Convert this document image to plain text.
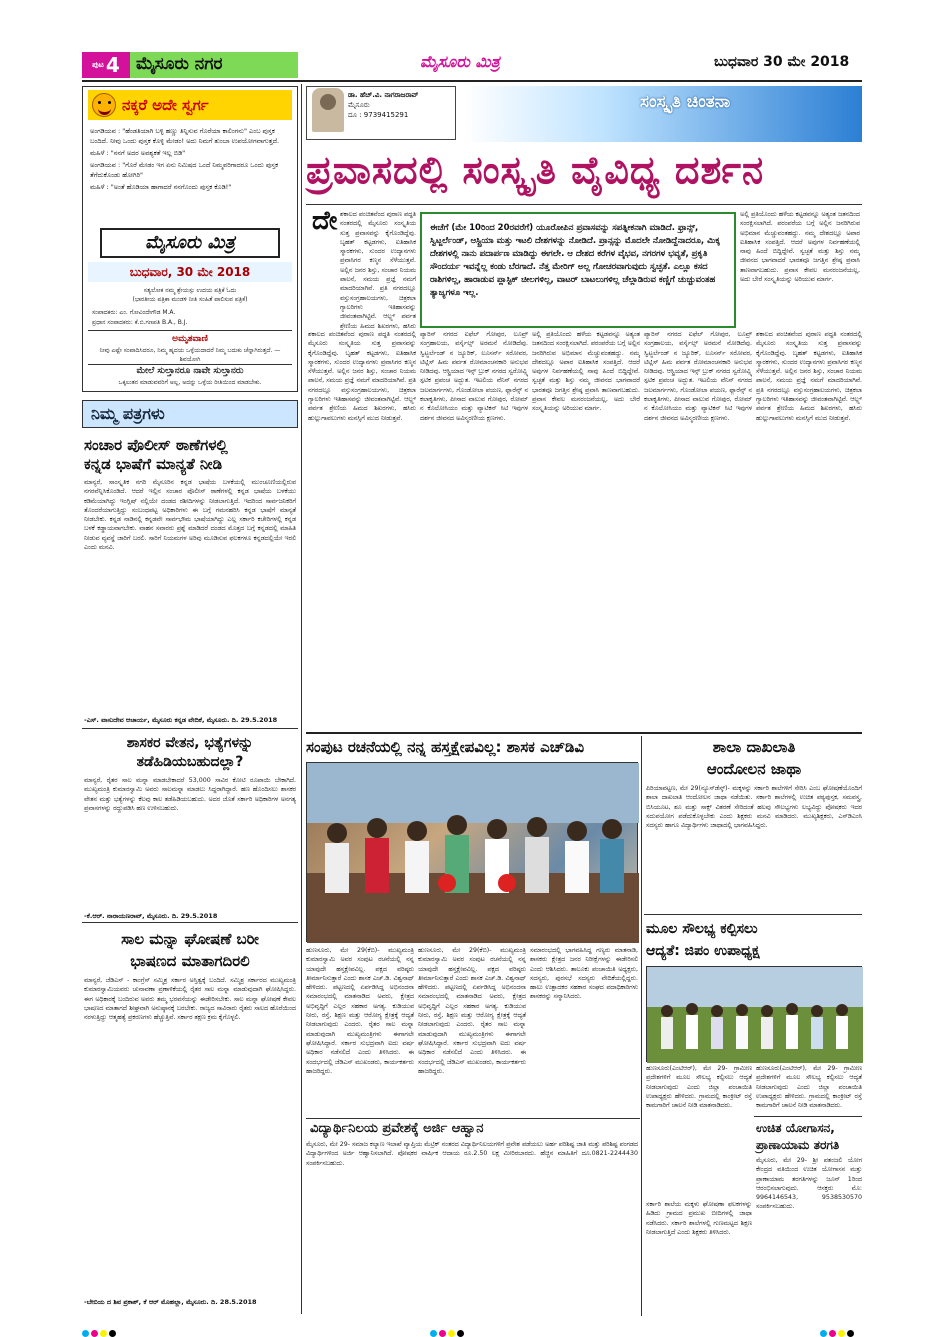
$^{ಪುಟ}$ 4 ಮೈಸೂರು ನಗರ	ಮೈಸೂರು ಮಿತ್ರ	ಬುಧವಾರ 30 ಮೇ 2018
ನಕ್ಕರೆ ಅದೇ ಸ್ವರ್ಗ
ಅಂಗಡಿಯವ : "ಹೆಂಡತಿಯಾಗಿ ಬಳ್ಳಿ ಹಣ್ಣು ತಿನ್ನಿಸುವ ಗೊರೆಯಾ ಕಾಲಿಂಗನು" ಎಂಬ ಪುಸ್ತಕ ಬಂದಿದೆ. ನೀವು ಒಂದು ಪುಸ್ತಕ ಕೊಳ್ಳಿ ಮೇಡಂ! ಅದು ನಿಮಗೆ ತುಂಬಾ ಉಪಯೋಗವಾಗುತ್ತದೆ.
ಮಹಿಳೆ : "ನನಗೆ ಅದರ ಅವಶ್ಯಕತೆ ಇಲ್ಲ ಬಿಡಿ"
ಅಂಗಡಿಯವ : "ಗೊರೆ ಮೇಡಂ ಇಗ ಏನು ನಿಮಿಷದ ಒಂದೆ ನಿಮ್ಮವರಿಗಾದರೂ ಒಂದು ಪುಸ್ತಕ ತೆಗೆದುಕೊಂಡು ಹೋಗಿರಿ"
ಮಹಿಳೆ : "ಅಂತೆ ಹೊಡಿಯಾ ಹಾಗಾದರೆ ನನಗೊಂದು ಪುಸ್ತಕ ಕೊಡಿ!"
ಮೈಸೂರು ಮಿತ್ರ
ಬುಧವಾರ, 30 ಮೇ 2018
ಸತ್ಯಲೋಕ ನಮ್ಮ ಶ್ರೇಯಸ್ಸು ಉದಯ ಪತ್ರಿಕೆ ಓದು
(ಭಾರತೀಯ ಪತ್ರಿಕಾ ಮಂಡಳಿ ನೀತಿ ಸಂಹಿತೆ ಪಾಲಿಸುವ ಪತ್ರಿಕೆ)
ಸಂಪಾದಕರು: ಎಂ. ಗೋವಿಂದೇಗೌಡ M.A.
ಪ್ರಧಾನ ಸಂಪಾದಕರು: ಕೆ.ಬಿ.ಗಣಪತಿ B.A., B.J.
ಅಮೃತವಾಣಿ
ನೀವು ಎಷ್ಟೇ ಸಂಪಾದಿಸಿದರೂ, ನಿಮ್ಮ ಹೃದಯ ಒಳ್ಳೆಯದಾದರೆ ನಿಮ್ಮ ಬದುಕು ಚೆನ್ನಾಗಿರುತ್ತದೆ. — ಶಿವಯೋಗಿ
ಮೇಲೆ ಸುಲ್ತಾನರೂ ನಾವೇ ಸುಲ್ತಾನರು
ಒಕ್ಕಲುತನ ಮಾಡುವವರಿಗೆ ಅಲ್ಲ, ಅದನ್ನು ಒಳ್ಳೆಯ ರೀತಿಯಿಂದ ಮಾಡಬೇಕು.
ನಿಮ್ಮ ಪತ್ರಗಳು
ಸಂಚಾರ ಪೊಲೀಸ್ ಠಾಣೆಗಳಲ್ಲಿ
ಕನ್ನಡ ಭಾಷೆಗೆ ಮಾನ್ಯತೆ ನೀಡಿ
ಮಾನ್ಯರೆ, ಸಾಂಸ್ಕೃತಿಕ ನಗರಿ ಮೈಸೂರಿನ ಕನ್ನಡ ಭಾಷೆಯ ಬಳಕೆಯಲ್ಲಿ ಮುಂಚೂಣಿಯಲ್ಲಿರುವ ನಗರವೆನ್ನಿಸಿಕೊಂಡಿದೆ. ಆದರೆ ಇಲ್ಲಿನ ಸಂಚಾರ ಪೊಲೀಸ್ ಠಾಣೆಗಳಲ್ಲಿ ಕನ್ನಡ ಭಾಷೆಯ ಬಳಕೆಯು ಕಡಿಮೆಯಾಗಿದ್ದು ಇಂಗ್ಲಿಷ್ ನಲ್ಲಿಯೇ ದಂಡದ ರಶೀದಿಗಳನ್ನು ನೀಡಲಾಗುತ್ತಿದೆ. ಇದರಿಂದ ಸಾರ್ವಜನಿಕರಿಗೆ ತೊಂದರೆಯಾಗುತ್ತಿದ್ದು ಸಂಬಂಧಪಟ್ಟ ಅಧಿಕಾರಿಗಳು ಈ ಬಗ್ಗೆ ಗಮನಹರಿಸಿ ಕನ್ನಡ ಭಾಷೆಗೆ ಮಾನ್ಯತೆ ನೀಡಬೇಕು. ಕನ್ನಡ ನಾಡಿನಲ್ಲಿ ಕನ್ನಡವೇ ಸಾರ್ವಭೌಮ ಭಾಷೆಯಾಗಿದ್ದು ಎಲ್ಲ ಸರ್ಕಾರಿ ಕಚೇರಿಗಳಲ್ಲಿ ಕನ್ನಡ ಬಳಕೆ ಕಡ್ಡಾಯವಾಗಬೇಕು. ವಾಹನ ಸವಾರರು ಪ್ರಶ್ನೆ ಮಾಡಿದರೆ ದಂಡದ ಮೊತ್ತದ ಬಗ್ಗೆ ಕನ್ನಡದಲ್ಲಿ ಮಾಹಿತಿ ನೀಡುವ ವ್ಯವಸ್ಥೆ ಜಾರಿಗೆ ಬರಲಿ. ಸಾರಿಗೆ ನಿಯಮಗಳ ಅರಿವು ಮೂಡಿಸುವ ಫಲಕಗಳೂ ಕನ್ನಡದಲ್ಲಿಯೇ ಇರಲಿ ಎಂದು ಮನವಿ.
-ಎಸ್. ವಾಸುದೇವ ಆಚಾರ್ಯ, ಮೈಸೂರು ಕನ್ನಡ ವೇದಿಕೆ, ಮೈಸೂರು. ದಿ. 29.5.2018
ಶಾಸಕರ ವೇತನ, ಭತ್ಯೆಗಳನ್ನು
ತಡೆಹಿಡಿಯಬಹುದಲ್ಲಾ?
ಮಾನ್ಯರೆ, ರೈತರ ಸಾಲ ಮನ್ನಾ ಮಾಡಬೇಕಾದರೆ 53,000 ಸಾವಿರ ಕೋಟಿ ರೂಪಾಯಿ ಬೇಕಾಗಿದೆ. ಮುಖ್ಯಮಂತ್ರಿ ಕುಮಾರಸ್ವಾಮಿ ಅವರು ಸಾಲಮನ್ನಾ ಮಾಡಲು ಸಿದ್ಧರಾಗಿದ್ದಾರೆ. ಹಣ ಹೊಂದಿಸಲು ಶಾಸಕರ ವೇತನ ಮತ್ತು ಭತ್ಯೆಗಳನ್ನು ಕೆಲವು ಕಾಲ ತಡೆಹಿಡಿಯಬಹುದು. ಅದರ ಜೊತೆ ಸರ್ಕಾರಿ ಅಧಿಕಾರಿಗಳ ಅನಗತ್ಯ ಪ್ರವಾಸಗಳನ್ನು ರದ್ದುಪಡಿಸಿ ಹಣ ಉಳಿಸಬಹುದು.
-ಕೆ.ಆರ್. ನಾರಾಯಣರಾವ್, ಮೈಸೂರು. ದಿ. 29.5.2018
ಸಾಲ ಮನ್ನಾ ಘೋಷಣೆ ಬರೀ
ಭಾಷಣದ ಮಾತಾಗದಿರಲಿ
ಮಾನ್ಯರೆ, ಜೆಡಿಎಸ್ - ಕಾಂಗ್ರೆಸ್ ಸಮ್ಮಿಶ್ರ ಸರ್ಕಾರ ಅಸ್ತಿತ್ವಕ್ಕೆ ಬಂದಿದೆ. ಸಮ್ಮಿಶ್ರ ಸರ್ಕಾರದ ಮುಖ್ಯಮಂತ್ರಿ ಕುಮಾರಸ್ವಾಮಿಯವರು ಚುನಾವಣಾ ಪ್ರಣಾಳಿಕೆಯಲ್ಲಿ ರೈತರ ಸಾಲ ಮನ್ನಾ ಮಾಡುವುದಾಗಿ ಘೋಷಿಸಿದ್ದರು. ಈಗ ಅಧಿಕಾರಕ್ಕೆ ಬಂದಿರುವ ಅವರು ತಮ್ಮ ಭರವಸೆಯನ್ನು ಈಡೇರಿಸಬೇಕು. ಸಾಲ ಮನ್ನಾ ಘೋಷಣೆ ಕೇವಲ ಭಾಷಣದ ಮಾತಾಗದೆ ಶೀಘ್ರವಾಗಿ ಅನುಷ್ಠಾನಕ್ಕೆ ಬರಬೇಕು. ರಾಜ್ಯದ ಸಾವಿರಾರು ರೈತರು ಸಾಲದ ಹೊರೆಯಿಂದ ನರಳುತ್ತಿದ್ದು ಆತ್ಮಹತ್ಯೆ ಪ್ರಕರಣಗಳು ಹೆಚ್ಚುತ್ತಿವೆ. ಸರ್ಕಾರ ತಕ್ಷಣ ಕ್ರಮ ಕೈಗೊಳ್ಳಲಿ.
-ಬೇಬಿಯ ದ ಶಿವ ಪ್ರಕಾಶ್, ಕೆ ಆರ್ ಮೊಹಲ್ಲಾ, ಮೈಸೂರು. ದಿ. 28.5.2018
ಡಾ. ಹೆಚ್.ವಿ. ನಾಗರಾಜರಾವ್
ಮೈಸೂರು
ದೂ : 9739415291
ಸಂಸ್ಕೃತಿ ಚಿಂತನಾ
ಪ್ರವಾಸದಲ್ಲಿ ಸಂಸ್ಕೃತಿ ವೈವಿಧ್ಯ ದರ್ಶನ
ದೇ ಶಕಾಲದ ಪಂಚಿತವೆಂದ ಪುರಾಣ ಪದ್ಧತಿ ನಂತರದಲ್ಲಿ ಮೈಸೂರು ಸಂಸ್ಕೃತಿಯ ಸುತ್ತ ಪ್ರವಾಸವನ್ನು ಕೈಗೊಂಡಿದ್ದೆವು. ಬೃಹತ್ ಕಟ್ಟಡಗಳು, ಐತಿಹಾಸಿಕ ಸ್ಮಾರಕಗಳು, ಸುಂದರ ಉದ್ಯಾನಗಳು ಪ್ರವಾಸಿಗರ ಕಣ್ಮನ ಸೆಳೆಯುತ್ತವೆ. ಅಲ್ಲಿನ ಜನರ ಶಿಸ್ತು, ಸಂಚಾರ ನಿಯಮ ಪಾಲನೆ, ಸಮಯ ಪ್ರಜ್ಞೆ ನಮಗೆ ಮಾದರಿಯಾಗಿವೆ. ಪ್ರತಿ ನಗರದಲ್ಲೂ ವಸ್ತುಸಂಗ್ರಹಾಲಯಗಳು, ಚಿತ್ರಕಲಾ ಗ್ಯಾಲರಿಗಳು ಇತಿಹಾಸವನ್ನು ಜೀವಂತವಾಗಿಟ್ಟಿವೆ. ಆಲ್ಪ್ಸ್ ಪರ್ವತ ಶ್ರೇಣಿಯ ಹಿಮದ ಶಿಖರಗಳು, ಹಸಿರು
ಈಚೆಗೆ (ಮೇ 10ರಿಂದ 20ರವರೆಗೆ) ಯೂರೋಪಿನ ಪ್ರವಾಸವನ್ನು ಸಪತ್ನೀಕನಾಗಿ ಮಾಡಿದೆ. ಫ್ರಾನ್ಸ್, ಸ್ವಿಟ್ಜರ್ಲೆಂಡ್, ಆಸ್ಟ್ರಿಯಾ ಮತ್ತು ಇಟಲಿ ದೇಶಗಳನ್ನು ನೋಡಿದೆ. ಪ್ರಾನ್ಸನ್ನು ಮೊದಲೇ ನೋಡಿದ್ದೆನಾದರೂ, ಮಿಕ್ಕ ದೇಶಗಳಲ್ಲಿ ನಾನು ಪದಾರ್ಪಣ ಮಾಡಿದ್ದು ಈಗಲೇ. ಆ ದೇಶದ ಕರೆಗಳ ವೈಭವ, ನಗರಗಳ ಭವ್ಯತೆ, ಪ್ರಕೃತಿ ಸೌಂದರ್ಯ ಇವನ್ನೆಲ್ಲ ಕಂಡು ಬೆರಗಾದೆ. ನೆತ್ತ ಮೇರಿಗ್ ಅಲ್ಲ ಗೋಚರವಾಗುವುದು ಸ್ವಚ್ಛತೆ. ಎಲ್ಲೂ ಕಸದ ರಾಶಿಗಳಿಲ್ಲ, ಹಾರಾಡುವ ಪ್ಲಾಸ್ಟಿಕ್ ಚೀಲಗಳಿಲ್ಲ, ವಾಟರ್ ಬಾಟಲುಗಳಿಲ್ಲ ಚೆಲ್ಲಾಡಿರುವ ಕಣ್ಣಿಗೆ ಚುಚ್ಚುವಂತಹ ತ್ಯಾಜ್ಯಗಳೂ ಇಲ್ಲ.
ಅಲ್ಲಿ ಪ್ರತಿಯೊಂದು ಹಳೆಯ ಕಟ್ಟಡವನ್ನೂ ಅತ್ಯಂತ ಜತನದಿಂದ ಸಂರಕ್ಷಿಸಲಾಗಿದೆ. ಪರಂಪರೆಯ ಬಗ್ಗೆ ಅಲ್ಲಿನ ಜನರಿಗಿರುವ ಅಭಿಮಾನ ಮೆಚ್ಚುವಂತಹದ್ದು. ನಮ್ಮ ದೇಶದಲ್ಲೂ ಅಪಾರ ಐತಿಹಾಸಿಕ ಸಂಪತ್ತಿದೆ. ಆದರೆ ಅವುಗಳ ನಿರ್ವಹಣೆಯಲ್ಲಿ ನಾವು ಹಿಂದೆ ಬಿದ್ದಿದ್ದೇವೆ. ಸ್ವಚ್ಛತೆ ಮತ್ತು ಶಿಸ್ತು ನಮ್ಮ ಜೀವನದ ಭಾಗವಾದರೆ ಭಾರತವೂ ಜಗತ್ತಿನ ಶ್ರೇಷ್ಠ ಪ್ರವಾಸಿ ತಾಣವಾಗಬಹುದು. ಪ್ರವಾಸ ಕೇವಲ ಮನರಂಜನೆಯಲ್ಲ, ಅದು ಬೇರೆ ಸಂಸ್ಕೃತಿಯನ್ನು ಅರಿಯುವ ಮಾರ್ಗ.
ಶಕಾಲದ ಪಂಚಿತವೆಂದ ಪುರಾಣ ಪದ್ಧತಿ ನಂತರದಲ್ಲಿ ಮೈಸೂರು ಸಂಸ್ಕೃತಿಯ ಸುತ್ತ ಪ್ರವಾಸವನ್ನು ಕೈಗೊಂಡಿದ್ದೆವು. ಬೃಹತ್ ಕಟ್ಟಡಗಳು, ಐತಿಹಾಸಿಕ ಸ್ಮಾರಕಗಳು, ಸುಂದರ ಉದ್ಯಾನಗಳು ಪ್ರವಾಸಿಗರ ಕಣ್ಮನ ಸೆಳೆಯುತ್ತವೆ. ಅಲ್ಲಿನ ಜನರ ಶಿಸ್ತು, ಸಂಚಾರ ನಿಯಮ ಪಾಲನೆ, ಸಮಯ ಪ್ರಜ್ಞೆ ನಮಗೆ ಮಾದರಿಯಾಗಿವೆ. ಪ್ರತಿ ನಗರದಲ್ಲೂ ವಸ್ತುಸಂಗ್ರಹಾಲಯಗಳು, ಚಿತ್ರಕಲಾ ಗ್ಯಾಲರಿಗಳು ಇತಿಹಾಸವನ್ನು ಜೀವಂತವಾಗಿಟ್ಟಿವೆ. ಆಲ್ಪ್ಸ್ ಪರ್ವತ ಶ್ರೇಣಿಯ ಹಿಮದ ಶಿಖರಗಳು, ಹಸಿರು ಹುಲ್ಲುಗಾವಲುಗಳು ಮನಸ್ಸಿಗೆ ಮುದ ನೀಡುತ್ತವೆ.
ಪ್ಯಾರಿಸ್ ನಗರದ ಐಫೆಲ್ ಗೋಪುರ, ಲೂವ್ರ್ ಸಂಗ್ರಹಾಲಯ, ವರ್ಸೈಲ್ಸ್ ಅರಮನೆ ನೋಡಿದೆವು. ಸ್ವಿಟ್ಜರ್ಲೆಂಡ್ ನ ಜ್ಯೂರಿಕ್, ಲೂಸರ್ನ್ ಸರೋವರ, ಟಿಟ್ಲಿಸ್ ಹಿಮ ಪರ್ವತ ರೋಮಾಂಚನಕಾರಿ ಅನುಭವ ನೀಡಿದವು. ಆಸ್ಟ್ರಿಯಾದ ಇನ್ಸ್ ಬ್ರುಕ್ ನಗರದ ಸ್ವರೋವ್ಸ್ಕಿ ಸ್ಫಟಿಕ ಪ್ರಪಂಚ ಅದ್ಭುತ. ಇಟಲಿಯ ವೆನಿಸ್ ನಗರದ ಜಲಮಾರ್ಗಗಳು, ಗೊಂಡೋಲಾ ಪಯಣ, ಫ್ಲಾರೆನ್ಸ್ ನ ಕಲಾಕೃತಿಗಳು, ಪೀಸಾದ ವಾಲುವ ಗೋಪುರ, ರೋಮ್ ನ ಕೊಲೋಸಿಯಂ ಮತ್ತು ವ್ಯಾಟಿಕನ್ ಸಿಟಿ ಇವುಗಳ ದರ್ಶನ ಜೀವನದ ಅವಿಸ್ಮರಣೀಯ ಕ್ಷಣಗಳು.
ಅಲ್ಲಿ ಪ್ರತಿಯೊಂದು ಹಳೆಯ ಕಟ್ಟಡವನ್ನೂ ಅತ್ಯಂತ ಜತನದಿಂದ ಸಂರಕ್ಷಿಸಲಾಗಿದೆ. ಪರಂಪರೆಯ ಬಗ್ಗೆ ಅಲ್ಲಿನ ಜನರಿಗಿರುವ ಅಭಿಮಾನ ಮೆಚ್ಚುವಂತಹದ್ದು. ನಮ್ಮ ದೇಶದಲ್ಲೂ ಅಪಾರ ಐತಿಹಾಸಿಕ ಸಂಪತ್ತಿದೆ. ಆದರೆ ಅವುಗಳ ನಿರ್ವಹಣೆಯಲ್ಲಿ ನಾವು ಹಿಂದೆ ಬಿದ್ದಿದ್ದೇವೆ. ಸ್ವಚ್ಛತೆ ಮತ್ತು ಶಿಸ್ತು ನಮ್ಮ ಜೀವನದ ಭಾಗವಾದರೆ ಭಾರತವೂ ಜಗತ್ತಿನ ಶ್ರೇಷ್ಠ ಪ್ರವಾಸಿ ತಾಣವಾಗಬಹುದು. ಪ್ರವಾಸ ಕೇವಲ ಮನರಂಜನೆಯಲ್ಲ, ಅದು ಬೇರೆ ಸಂಸ್ಕೃತಿಯನ್ನು ಅರಿಯುವ ಮಾರ್ಗ.
ಪ್ಯಾರಿಸ್ ನಗರದ ಐಫೆಲ್ ಗೋಪುರ, ಲೂವ್ರ್ ಸಂಗ್ರಹಾಲಯ, ವರ್ಸೈಲ್ಸ್ ಅರಮನೆ ನೋಡಿದೆವು. ಸ್ವಿಟ್ಜರ್ಲೆಂಡ್ ನ ಜ್ಯೂರಿಕ್, ಲೂಸರ್ನ್ ಸರೋವರ, ಟಿಟ್ಲಿಸ್ ಹಿಮ ಪರ್ವತ ರೋಮಾಂಚನಕಾರಿ ಅನುಭವ ನೀಡಿದವು. ಆಸ್ಟ್ರಿಯಾದ ಇನ್ಸ್ ಬ್ರುಕ್ ನಗರದ ಸ್ವರೋವ್ಸ್ಕಿ ಸ್ಫಟಿಕ ಪ್ರಪಂಚ ಅದ್ಭುತ. ಇಟಲಿಯ ವೆನಿಸ್ ನಗರದ ಜಲಮಾರ್ಗಗಳು, ಗೊಂಡೋಲಾ ಪಯಣ, ಫ್ಲಾರೆನ್ಸ್ ನ ಕಲಾಕೃತಿಗಳು, ಪೀಸಾದ ವಾಲುವ ಗೋಪುರ, ರೋಮ್ ನ ಕೊಲೋಸಿಯಂ ಮತ್ತು ವ್ಯಾಟಿಕನ್ ಸಿಟಿ ಇವುಗಳ ದರ್ಶನ ಜೀವನದ ಅವಿಸ್ಮರಣೀಯ ಕ್ಷಣಗಳು.
ಶಕಾಲದ ಪಂಚಿತವೆಂದ ಪುರಾಣ ಪದ್ಧತಿ ನಂತರದಲ್ಲಿ ಮೈಸೂರು ಸಂಸ್ಕೃತಿಯ ಸುತ್ತ ಪ್ರವಾಸವನ್ನು ಕೈಗೊಂಡಿದ್ದೆವು. ಬೃಹತ್ ಕಟ್ಟಡಗಳು, ಐತಿಹಾಸಿಕ ಸ್ಮಾರಕಗಳು, ಸುಂದರ ಉದ್ಯಾನಗಳು ಪ್ರವಾಸಿಗರ ಕಣ್ಮನ ಸೆಳೆಯುತ್ತವೆ. ಅಲ್ಲಿನ ಜನರ ಶಿಸ್ತು, ಸಂಚಾರ ನಿಯಮ ಪಾಲನೆ, ಸಮಯ ಪ್ರಜ್ಞೆ ನಮಗೆ ಮಾದರಿಯಾಗಿವೆ. ಪ್ರತಿ ನಗರದಲ್ಲೂ ವಸ್ತುಸಂಗ್ರಹಾಲಯಗಳು, ಚಿತ್ರಕಲಾ ಗ್ಯಾಲರಿಗಳು ಇತಿಹಾಸವನ್ನು ಜೀವಂತವಾಗಿಟ್ಟಿವೆ. ಆಲ್ಪ್ಸ್ ಪರ್ವತ ಶ್ರೇಣಿಯ ಹಿಮದ ಶಿಖರಗಳು, ಹಸಿರು ಹುಲ್ಲುಗಾವಲುಗಳು ಮನಸ್ಸಿಗೆ ಮುದ ನೀಡುತ್ತವೆ.
ಸಂಪುಟ ರಚನೆಯಲ್ಲಿ ನನ್ನ ಹಸ್ತಕ್ಷೇಪವಿಲ್ಲ: ಶಾಸಕ ಎಚ್‌ಡಿವಿ
ಹುಣಸೂರು, ಮೇ 29(ಕೆಬಿ)- ಮುಖ್ಯಮಂತ್ರಿ ಕುಮಾರಸ್ವಾಮಿ ಅವರ ಸಂಪುಟ ರಚನೆಯಲ್ಲಿ ನನ್ನ ಯಾವುದೇ ಹಸ್ತಕ್ಷೇಪವಿಲ್ಲ. ಪಕ್ಷದ ವರಿಷ್ಠರು ತೀರ್ಮಾನಿಸುತ್ತಾರೆ ಎಂದು ಶಾಸಕ ಎಚ್.ಡಿ. ವಿಶ್ವನಾಥ್ ಹೇಳಿದರು. ಪಟ್ಟಣದಲ್ಲಿ ಏರ್ಪಡಿಸಿದ್ದ ಅಭಿನಂದನಾ ಸಮಾರಂಭದಲ್ಲಿ ಮಾತನಾಡಿದ ಅವರು, ಕ್ಷೇತ್ರದ ಅಭಿವೃದ್ಧಿಗೆ ಎಲ್ಲರ ಸಹಕಾರ ಅಗತ್ಯ. ಕುಡಿಯುವ ನೀರು, ರಸ್ತೆ, ಶಿಕ್ಷಣ ಮತ್ತು ಆರೋಗ್ಯ ಕ್ಷೇತ್ರಕ್ಕೆ ಆದ್ಯತೆ ನೀಡಲಾಗುವುದು ಎಂದರು. ರೈತರ ಸಾಲ ಮನ್ನಾ ಮಾಡುವುದಾಗಿ ಮುಖ್ಯಮಂತ್ರಿಗಳು ಈಗಾಗಲೇ ಘೋಷಿಸಿದ್ದಾರೆ. ಸರ್ಕಾರ ಸುಭದ್ರವಾಗಿ ಐದು ವರ್ಷ ಅಧಿಕಾರ ನಡೆಸಲಿದೆ ಎಂದು ತಿಳಿಸಿದರು. ಈ ಸಂದರ್ಭದಲ್ಲಿ ಜೆಡಿಎಸ್ ಮುಖಂಡರು, ಕಾರ್ಯಕರ್ತರು ಹಾಜರಿದ್ದರು.
ಹುಣಸೂರು, ಮೇ 29(ಕೆಬಿ)- ಮುಖ್ಯಮಂತ್ರಿ ಕುಮಾರಸ್ವಾಮಿ ಅವರ ಸಂಪುಟ ರಚನೆಯಲ್ಲಿ ನನ್ನ ಯಾವುದೇ ಹಸ್ತಕ್ಷೇಪವಿಲ್ಲ. ಪಕ್ಷದ ವರಿಷ್ಠರು ತೀರ್ಮಾನಿಸುತ್ತಾರೆ ಎಂದು ಶಾಸಕ ಎಚ್.ಡಿ. ವಿಶ್ವನಾಥ್ ಹೇಳಿದರು. ಪಟ್ಟಣದಲ್ಲಿ ಏರ್ಪಡಿಸಿದ್ದ ಅಭಿನಂದನಾ ಸಮಾರಂಭದಲ್ಲಿ ಮಾತನಾಡಿದ ಅವರು, ಕ್ಷೇತ್ರದ ಅಭಿವೃದ್ಧಿಗೆ ಎಲ್ಲರ ಸಹಕಾರ ಅಗತ್ಯ. ಕುಡಿಯುವ ನೀರು, ರಸ್ತೆ, ಶಿಕ್ಷಣ ಮತ್ತು ಆರೋಗ್ಯ ಕ್ಷೇತ್ರಕ್ಕೆ ಆದ್ಯತೆ ನೀಡಲಾಗುವುದು ಎಂದರು. ರೈತರ ಸಾಲ ಮನ್ನಾ ಮಾಡುವುದಾಗಿ ಮುಖ್ಯಮಂತ್ರಿಗಳು ಈಗಾಗಲೇ ಘೋಷಿಸಿದ್ದಾರೆ. ಸರ್ಕಾರ ಸುಭದ್ರವಾಗಿ ಐದು ವರ್ಷ ಅಧಿಕಾರ ನಡೆಸಲಿದೆ ಎಂದು ತಿಳಿಸಿದರು. ಈ ಸಂದರ್ಭದಲ್ಲಿ ಜೆಡಿಎಸ್ ಮುಖಂಡರು, ಕಾರ್ಯಕರ್ತರು ಹಾಜರಿದ್ದರು.
ಸಮಾರಂಭದಲ್ಲಿ ಭಾಗವಹಿಸಿದ್ದ ಗಣ್ಯರು ಮಾತನಾಡಿ, ಶಾಸಕರು ಕ್ಷೇತ್ರದ ಜನರ ನಿರೀಕ್ಷೆಗಳನ್ನು ಈಡೇರಿಸಲಿ ಎಂದು ಆಶಿಸಿದರು. ತಾಲೂಕು ಪಂಚಾಯಿತಿ ಅಧ್ಯಕ್ಷರು, ಸದಸ್ಯರು, ಪುರಸಭೆ ಸದಸ್ಯರು ವೇದಿಕೆಯಲ್ಲಿದ್ದರು. ಹಾಲು ಉತ್ಪಾದಕರ ಸಹಕಾರ ಸಂಘದ ಪದಾಧಿಕಾರಿಗಳು ಶಾಸಕರನ್ನು ಸನ್ಮಾನಿಸಿದರು.
ವಿದ್ಯಾರ್ಥಿನಿಲಯ ಪ್ರವೇಶಕ್ಕೆ ಅರ್ಜಿ ಆಹ್ವಾನ
ಮೈಸೂರು, ಮೇ 29- ಸಮಾಜ ಕಲ್ಯಾಣ ಇಲಾಖೆ ವ್ಯಾಪ್ತಿಯ ಮೆಟ್ರಿಕ್ ನಂತರದ ವಿದ್ಯಾರ್ಥಿನಿಲಯಗಳಿಗೆ ಪ್ರವೇಶ ಪಡೆಯಲು ಅರ್ಹ ಪರಿಶಿಷ್ಟ ಜಾತಿ ಮತ್ತು ಪರಿಶಿಷ್ಟ ಪಂಗಡದ ವಿದ್ಯಾರ್ಥಿಗಳಿಂದ ಅರ್ಜಿ ಆಹ್ವಾನಿಸಲಾಗಿದೆ. ಪೋಷಕರ ವಾರ್ಷಿಕ ಆದಾಯ ರೂ.2.50 ಲಕ್ಷ ಮೀರಿರಬಾರದು. ಹೆಚ್ಚಿನ ಮಾಹಿತಿಗೆ ದೂ.0821-2244430 ಸಂಪರ್ಕಿಸಬಹುದು.
ಶಾಲಾ ದಾಖಲಾತಿ
ಆಂದೋಲನ ಜಾಥಾ
ಪಿರಿಯಾಪಟ್ಟಣ, ಮೇ 29(ನ್ಯೂಸ್‌ಡೆಸ್ಕ್)- ಮಕ್ಕಳನ್ನು ಸರ್ಕಾರಿ ಶಾಲೆಗಳಿಗೆ ಸೇರಿಸಿ ಎಂಬ ಘೋಷಣೆಯೊಂದಿಗೆ ಶಾಲಾ ದಾಖಲಾತಿ ಆಂದೋಲನ ಜಾಥಾ ನಡೆಯಿತು. ಸರ್ಕಾರಿ ಶಾಲೆಗಳಲ್ಲಿ ಉಚಿತ ಪಠ್ಯಪುಸ್ತಕ, ಸಮವಸ್ತ್ರ, ಬಿಸಿಯೂಟ, ಶೂ ಮತ್ತು ಸಾಕ್ಸ್ ವಿತರಣೆ ಸೇರಿದಂತೆ ಹಲವು ಸೌಲಭ್ಯಗಳು ಲಭ್ಯವಿದ್ದು ಪೋಷಕರು ಇದರ ಸದುಪಯೋಗ ಪಡೆದುಕೊಳ್ಳಬೇಕು ಎಂದು ಶಿಕ್ಷಕರು ಮನವಿ ಮಾಡಿದರು. ಮುಖ್ಯಶಿಕ್ಷಕರು, ಎಸ್‌ಡಿಎಂಸಿ ಸದಸ್ಯರು ಹಾಗೂ ವಿದ್ಯಾರ್ಥಿಗಳು ಜಾಥಾದಲ್ಲಿ ಭಾಗವಹಿಸಿದ್ದರು.
ಮೂಲ ಸೌಲಭ್ಯ ಕಲ್ಪಿಸಲು
ಆದ್ಯತೆ: ಜಿಪಂ ಉಪಾಧ್ಯಕ್ಷ
ಹುಣಸೂರು(ಎಂಟಿಆರ್), ಮೇ 29- ಗ್ರಾಮೀಣ ಪ್ರದೇಶಗಳಿಗೆ ಮೂಲ ಸೌಲಭ್ಯ ಕಲ್ಪಿಸಲು ಆದ್ಯತೆ ನೀಡಲಾಗುವುದು ಎಂದು ಜಿಲ್ಲಾ ಪಂಚಾಯಿತಿ ಉಪಾಧ್ಯಕ್ಷರು ಹೇಳಿದರು. ಗ್ರಾಮದಲ್ಲಿ ಕಾಂಕ್ರೀಟ್ ರಸ್ತೆ ಕಾಮಗಾರಿಗೆ ಚಾಲನೆ ನೀಡಿ ಮಾತನಾಡಿದರು.
ಹುಣಸೂರು(ಎಂಟಿಆರ್), ಮೇ 29- ಗ್ರಾಮೀಣ ಪ್ರದೇಶಗಳಿಗೆ ಮೂಲ ಸೌಲಭ್ಯ ಕಲ್ಪಿಸಲು ಆದ್ಯತೆ ನೀಡಲಾಗುವುದು ಎಂದು ಜಿಲ್ಲಾ ಪಂಚಾಯಿತಿ ಉಪಾಧ್ಯಕ್ಷರು ಹೇಳಿದರು. ಗ್ರಾಮದಲ್ಲಿ ಕಾಂಕ್ರೀಟ್ ರಸ್ತೆ ಕಾಮಗಾರಿಗೆ ಚಾಲನೆ ನೀಡಿ ಮಾತನಾಡಿದರು.
ಉಚಿತ ಯೋಗಾಸನ,
ಪ್ರಾಣಾಯಾಮ ತರಗತಿ
ಮೈಸೂರು, ಮೇ 29- ಶ್ರೀ ಪತಂಜಲಿ ಯೋಗ ಕೇಂದ್ರದ ವತಿಯಿಂದ ಉಚಿತ ಯೋಗಾಸನ ಮತ್ತು ಪ್ರಾಣಾಯಾಮ ತರಗತಿಗಳನ್ನು ಜೂನ್ 1ರಿಂದ ಆರಂಭಿಸಲಾಗುವುದು. ಆಸಕ್ತರು ಮೊ: 9964146543, 9538530570 ಸಂಪರ್ಕಿಸಬಹುದು.
ಸರ್ಕಾರಿ ಶಾಲೆಯ ಮಕ್ಕಳು ಘೋಷಣಾ ಫಲಕಗಳನ್ನು ಹಿಡಿದು ಗ್ರಾಮದ ಪ್ರಮುಖ ಬೀದಿಗಳಲ್ಲಿ ಜಾಥಾ ನಡೆಸಿದರು. ಸರ್ಕಾರಿ ಶಾಲೆಗಳಲ್ಲಿ ಗುಣಮಟ್ಟದ ಶಿಕ್ಷಣ ನೀಡಲಾಗುತ್ತಿದೆ ಎಂದು ಶಿಕ್ಷಕರು ತಿಳಿಸಿದರು.
